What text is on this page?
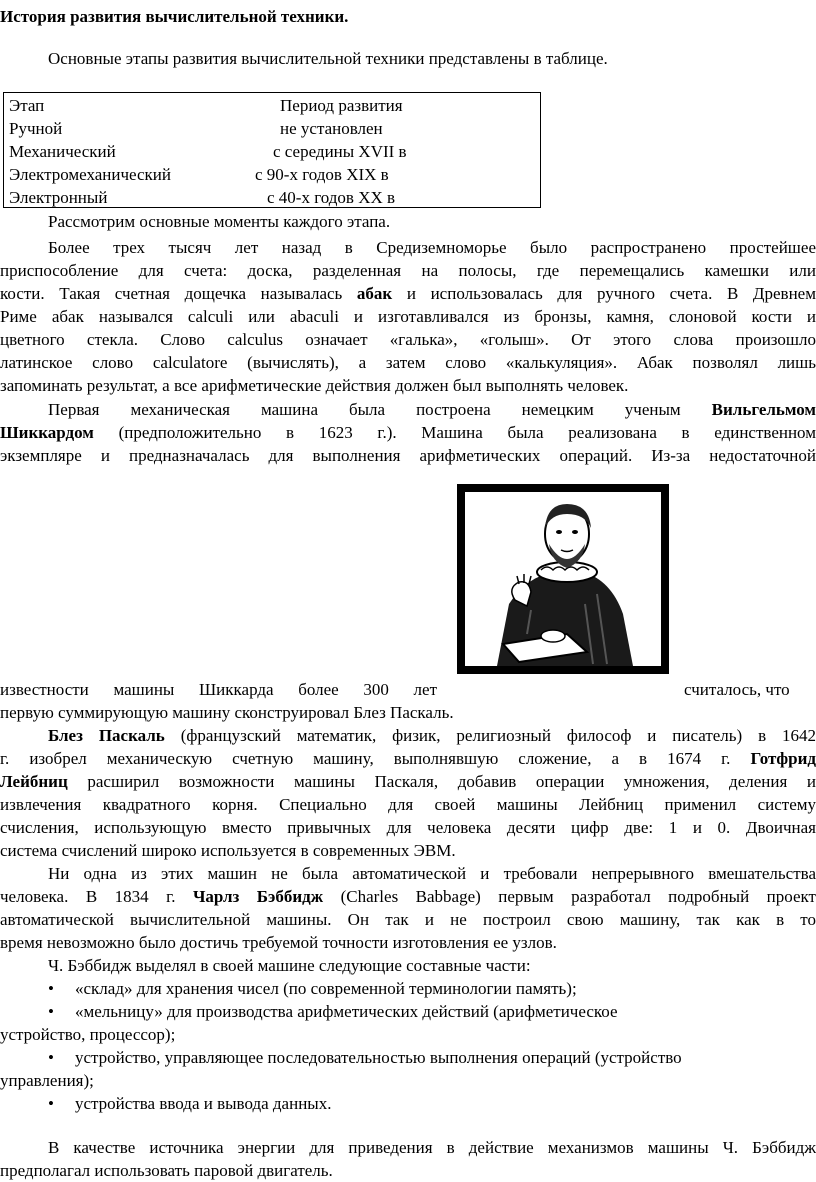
История развития вычислительной техники.
Основные этапы развития вычислительной техники представлены в таблице.
Этап	Период развития
Ручной	не установлен
Механический	с середины XVII в
Электромеханический	с 90-х годов XIX в
Электронный	с 40-х годов XX в
Рассмотрим основные моменты каждого этапа.
Более трех тысяч лет назад в Средиземноморье было распространено простейшее
приспособление для счета: доска, разделенная на полосы, где перемещались камешки или
кости. Такая счетная дощечка называлась абак и использовалась для ручного счета. В Древнем
Риме абак назывался calculi или abaculi и изготавливался из бронзы, камня, слоновой кости и
цветного стекла. Слово calculus означает «галька», «голыш». От этого слова произошло
латинское слово calculatore (вычислять), а затем слово «калькуляция». Абак позволял лишь
запоминать результат, а все арифметические действия должен был выполнять человек.
Первая механическая машина была построена немецким ученым Вильгельмом
Шиккардом (предположительно в 1623 г.). Машина была реализована в единственном
экземпляре и предназначалась для выполнения арифметических операций. Из-за недостаточной
известности машины Шиккарда более 300 лет	считалось, что
первую суммирующую машину сконструировал Блез Паскаль.
Блез Паскаль (французский математик, физик, религиозный философ и писатель) в 1642
г. изобрел механическую счетную машину, выполнявшую сложение, а в 1674 г. Готфрид
Лейбниц расширил возможности машины Паскаля, добавив операции умножения, деления и
извлечения квадратного корня. Специально для своей машины Лейбниц применил систему
счисления, использующую вместо привычных для человека десяти цифр две: 1 и 0. Двоичная
система счислений широко используется в современных ЭВМ.
Ни одна из этих машин не была автоматической и требовали непрерывного вмешательства
человека. В 1834 г. Чарлз Бэббидж (Charles Babbage) первым разработал подробный проект
автоматической вычислительной машины. Он так и не построил свою машину, так как в то
время невозможно было достичь требуемой точности изготовления ее узлов.
Ч. Бэббидж выделял в своей машине следующие составные части:
• «склад» для хранения чисел (по современной терминологии память);
• «мельницу» для производства арифметических действий (арифметическое
устройство, процессор);
• устройство, управляющее последовательностью выполнения операций (устройство
управления);
• устройства ввода и вывода данных.
В качестве источника энергии для приведения в действие механизмов машины Ч. Бэббидж
предполагал использовать паровой двигатель.
